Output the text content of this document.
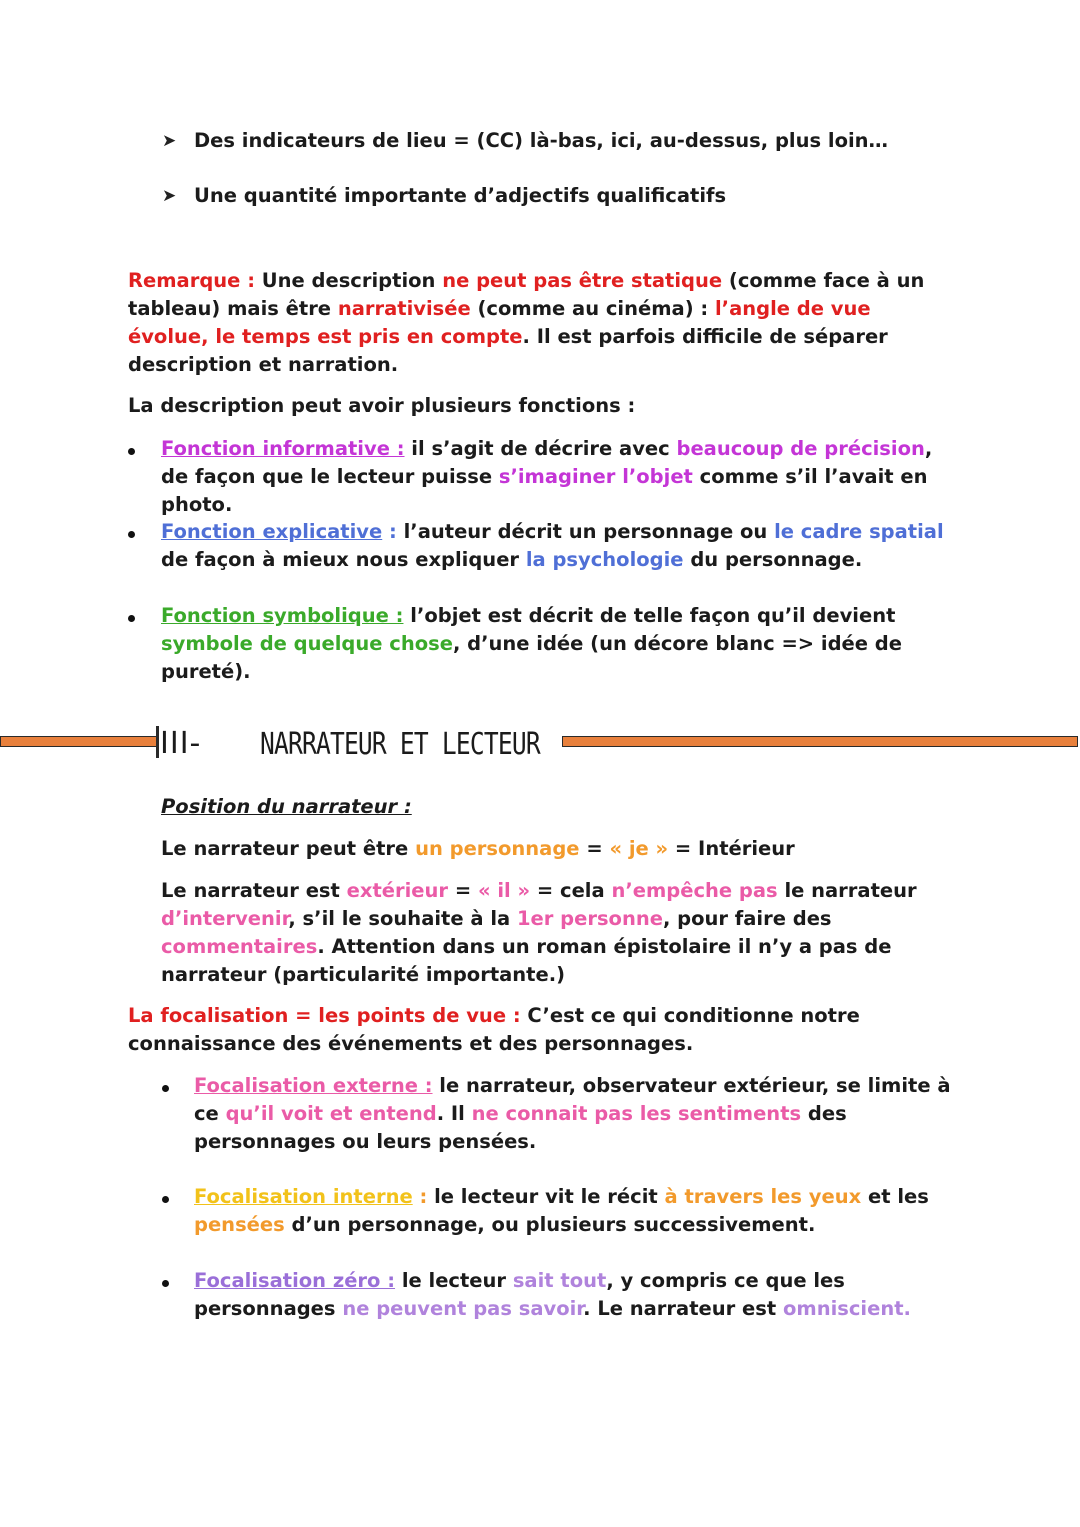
➤ Des indicateurs de lieu = (CC) là-bas, ici, au-dessus, plus loin…

➤ Une quantité importante d’adjectifs qualificatifs

Remarque : Une description ne peut pas être statique (comme face à un tableau) mais être narrativisée (comme au cinéma) : l’angle de vue évolue, le temps est pris en compte. Il est parfois difficile de séparer description et narration.

La description peut avoir plusieurs fonctions :

Fonction informative : il s’agit de décrire avec beaucoup de précision, de façon que le lecteur puisse s’imaginer l’objet comme s’il l’avait en photo.

Fonction explicative : l’auteur décrit un personnage ou le cadre spatial de façon à mieux nous expliquer la psychologie du personnage.

Fonction symbolique : l’objet est décrit de telle façon qu’il devient symbole de quelque chose, d’une idée (un décore blanc => idée de pureté).

III- NARRATEUR ET LECTEUR

Position du narrateur :

Le narrateur peut être un personnage = « je » = Intérieur

Le narrateur est extérieur = « il » = cela n’empêche pas le narrateur d’intervenir, s’il le souhaite à la 1er personne, pour faire des commentaires. Attention dans un roman épistolaire il n’y a pas de narrateur (particularité importante.)

La focalisation = les points de vue : C’est ce qui conditionne notre connaissance des événements et des personnages.

Focalisation externe : le narrateur, observateur extérieur, se limite à ce qu’il voit et entend. Il ne connait pas les sentiments des personnages ou leurs pensées.

Focalisation interne : le lecteur vit le récit à travers les yeux et les pensées d’un personnage, ou plusieurs successivement.

Focalisation zéro : le lecteur sait tout, y compris ce que les personnages ne peuvent pas savoir. Le narrateur est omniscient.
